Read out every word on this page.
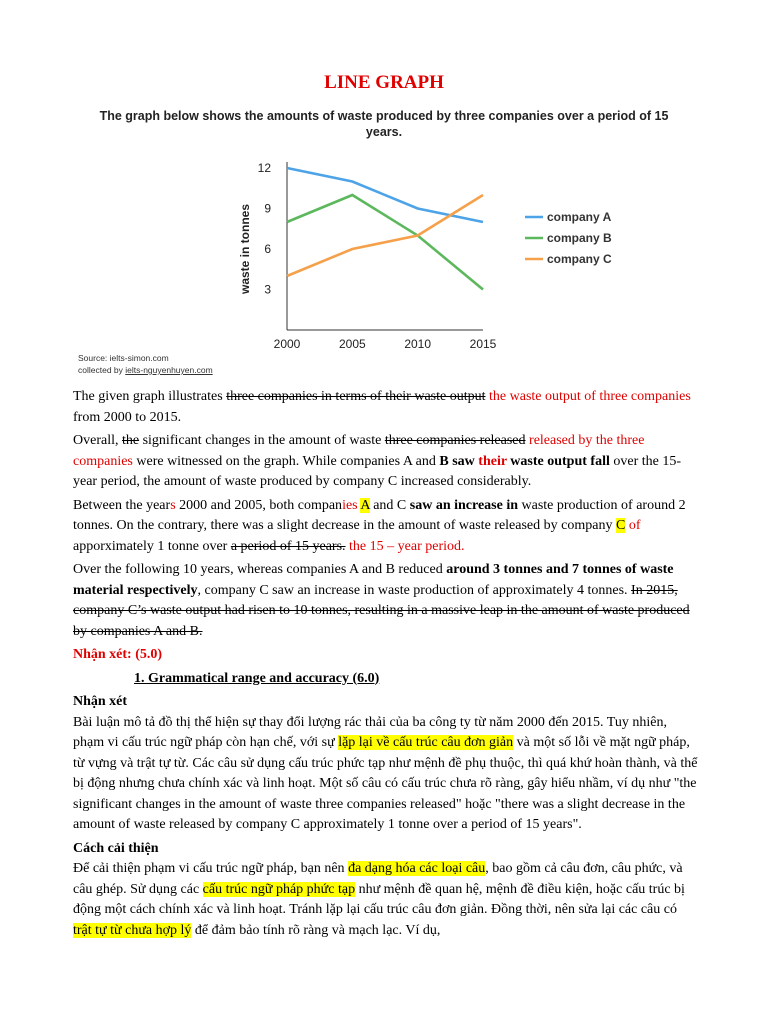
LINE GRAPH
The graph below shows the amounts of waste produced by three companies over a period of 15 years.
3
6
9
12
2000	2005	2010	2015
waste in tonnes	company A
company B
company C
Source: ielts-simon.com
collected by ielts-nguyenhuyen.com

The given graph illustrates three companies in terms of their waste output the waste output of three companies from 2000 to 2015.

Overall, the significant changes in the amount of waste three companies released released by the three companies were witnessed on the graph. While companies A and B saw their waste output fall over the 15-year period, the amount of waste produced by company C increased considerably.

Between the years 2000 and 2005, both companies A and C saw an increase in waste production of around 2 tonnes. On the contrary, there was a slight decrease in the amount of waste released by company C of apporximately 1 tonne over a period of 15 years. the 15 – year period.

Over the following 10 years, whereas companies A and B reduced around 3 tonnes and 7 tonnes of waste material respectively, company C saw an increase in waste production of approximately 4 tonnes. In 2015, company C’s waste output had risen to 10 tonnes, resulting in a massive leap in the amount of waste produced by companies A and B.

Nhận xét: (5.0)

1. Grammatical range and accuracy (6.0)

Nhận xét

Bài luận mô tả đồ thị thể hiện sự thay đổi lượng rác thải của ba công ty từ năm 2000 đến 2015. Tuy nhiên, phạm vi cấu trúc ngữ pháp còn hạn chế, với sự lặp lại về cấu trúc câu đơn giản và một số lỗi về mặt ngữ pháp, từ vựng và trật tự từ. Các câu sử dụng cấu trúc phức tạp như mệnh đề phụ thuộc, thì quá khứ hoàn thành, và thể bị động nhưng chưa chính xác và linh hoạt. Một số câu có cấu trúc chưa rõ ràng, gây hiểu nhầm, ví dụ như "the significant changes in the amount of waste three companies released" hoặc "there was a slight decrease in the amount of waste released by company C approximately 1 tonne over a period of 15 years".

Cách cải thiện

Để cải thiện phạm vi cấu trúc ngữ pháp, bạn nên đa dạng hóa các loại câu, bao gồm cả câu đơn, câu phức, và câu ghép. Sử dụng các cấu trúc ngữ pháp phức tạp như mệnh đề quan hệ, mệnh đề điều kiện, hoặc cấu trúc bị động một cách chính xác và linh hoạt. Tránh lặp lại cấu trúc câu đơn giản. Đồng thời, nên sửa lại các câu có trật tự từ chưa hợp lý để đảm bảo tính rõ ràng và mạch lạc. Ví dụ,
